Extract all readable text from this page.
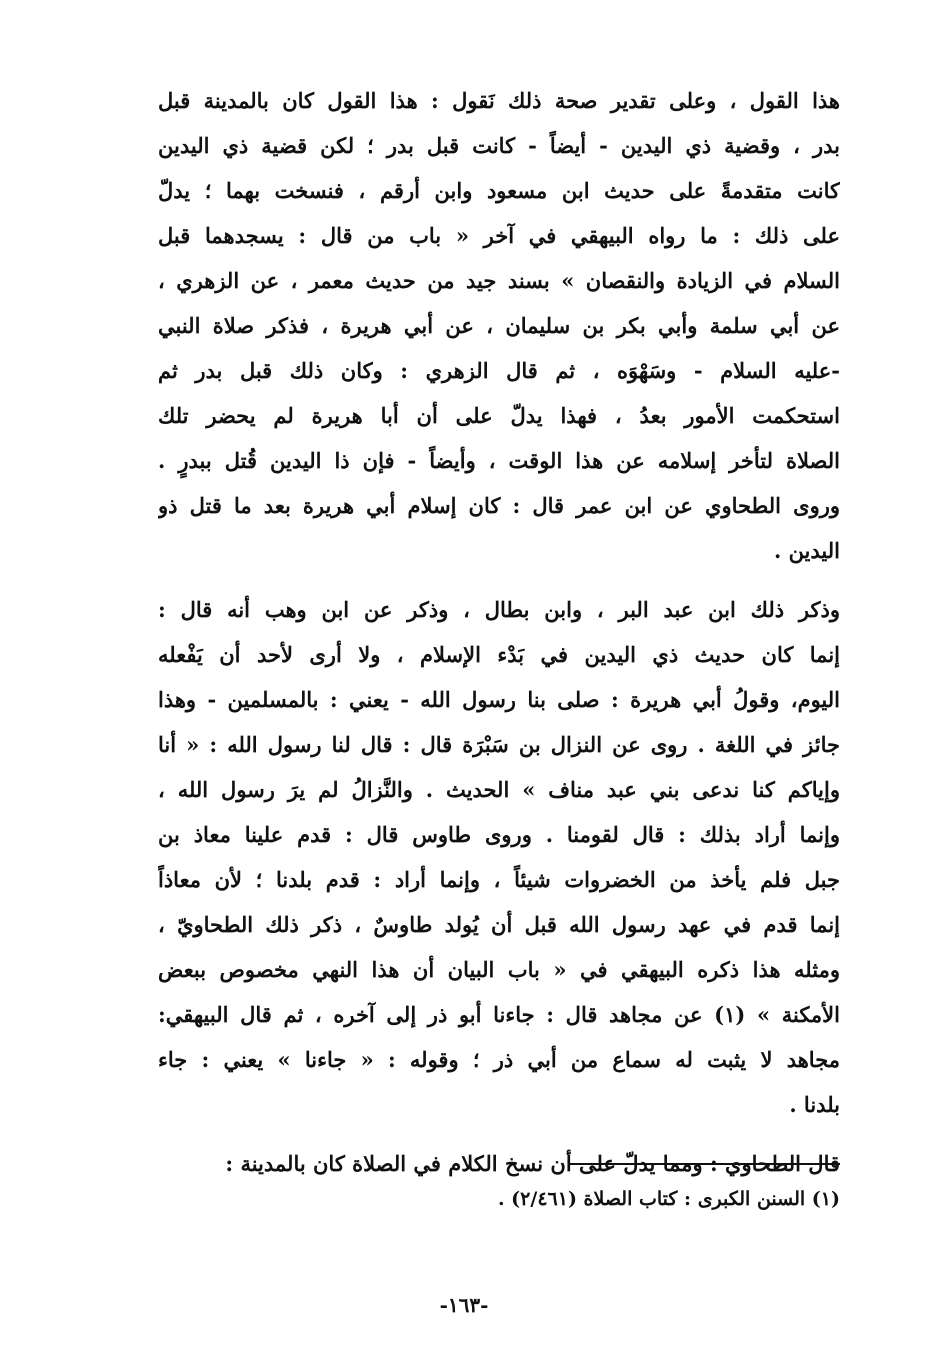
هذا القول ، وعلى تقدير صحة ذلك نَقول : هذا القول كان بالمدينة قبل
بدر ، وقضية ذي اليدين - أيضاً - كانت قبل بدر ؛ لكن قضية ذي اليدين
كانت متقدمةً على حديث ابن مسعود وابن أرقم ، فنسخت بهما ؛ يدلّ
على ذلك : ما رواه البيهقي في آخر « باب من قال : يسجدهما قبل
السلام في الزيادة والنقصان » بسند جيد من حديث معمر ، عن الزهري ،
عن أبي سلمة وأبي بكر بن سليمان ، عن أبي هريرة ، فذكر صلاة النبي
-عليه السلام - وسَهْوَه ، ثم قال الزهري : وكان ذلك قبل بدر ثم
استحكمت الأمور بعدُ ، فهذا يدلّ على أن أبا هريرة لم يحضر تلك
الصلاة لتأخر إسلامه عن هذا الوقت ، وأيضاً - فإن ذا اليدين قُتل ببدرٍ .
وروى الطحاوي عن ابن عمر قال : كان إسلام أبي هريرة بعد ما قتل ذو
اليدين .
وذكر ذلك ابن عبد البر ، وابن بطال ، وذكر عن ابن وهب أنه قال :
إنما كان حديث ذي اليدين في بَدْء الإسلام ، ولا أرى لأحد أن يَفْعله
اليوم، وقولُ أبي هريرة : صلى بنا رسول الله - يعني : بالمسلمين - وهذا
جائز في اللغة . روى عن النزال بن سَبْرَة قال : قال لنا رسول الله : « أنا
وإياكم كنا ندعى بني عبد مناف » الحديث . والنَّزالُ لم يرَ رسول الله ،
وإنما أراد بذلك : قال لقومنا . وروى طاوس قال : قدم علينا معاذ بن
جبل فلم يأخذ من الخضروات شيئاً ، وإنما أراد : قدم بلدنا ؛ لأن معاذاً
إنما قدم في عهد رسول الله قبل أن يُولد طاوسٌ ، ذكر ذلك الطحاويّ ،
ومثله هذا ذكره البيهقي في « باب البيان أن هذا النهي مخصوص ببعض
الأمكنة » (١) عن مجاهد قال : جاءنا أبو ذر إلى آخره ، ثم قال البيهقي:
مجاهد لا يثبت له سماع من أبي ذر ؛ وقوله : « جاءنا » يعني : جاء
بلدنا .
قال الطحاوي : ومما يدلّ على أن نسخ الكلام في الصلاة كان بالمدينة :
(١) السنن الكبرى : كتاب الصلاة (٢/٤٦١) .
-١٦٣-
